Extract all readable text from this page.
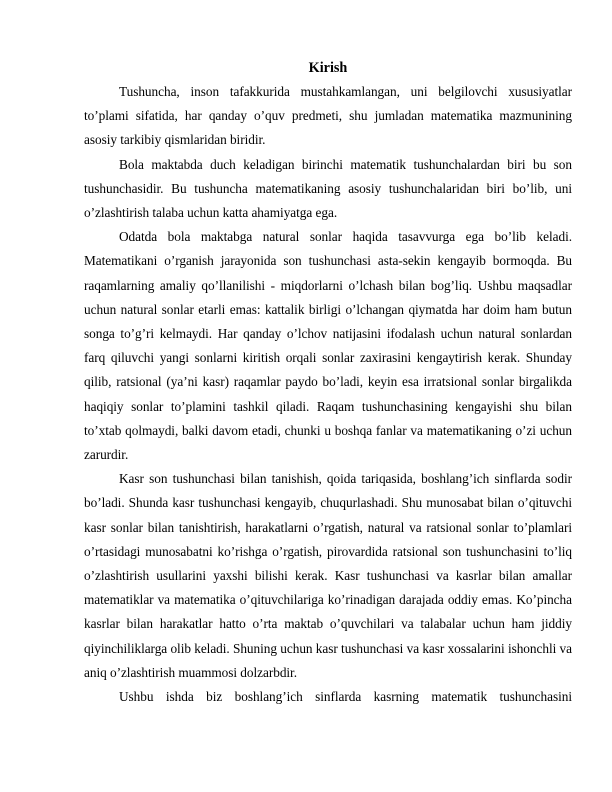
Kirish

Tushuncha, inson tafakkurida mustahkamlangan, uni belgilovchi xususiyatlar to’plami sifatida, har qanday o’quv predmeti, shu jumladan matematika mazmunining asosiy tarkibiy qismlaridan biridir.

Bola maktabda duch keladigan birinchi matematik tushunchalardan biri bu son tushunchasidir. Bu tushuncha matematikaning asosiy tushunchalaridan biri bo’lib, uni o’zlashtirish talaba uchun katta ahamiyatga ega.

Odatda bola maktabga natural sonlar haqida tasavvurga ega bo’lib keladi. Matematikani o’rganish jarayonida son tushunchasi asta-sekin kengayib bormoqda. Bu raqamlarning amaliy qo’llanilishi - miqdorlarni o’lchash bilan bog’liq. Ushbu maqsadlar uchun natural sonlar etarli emas: kattalik birligi o’lchangan qiymatda har doim ham butun songa to’g’ri kelmaydi. Har qanday o’lchov natijasini ifodalash uchun natural sonlardan farq qiluvchi yangi sonlarni kiritish orqali sonlar zaxirasini kengaytirish kerak. Shunday qilib, ratsional (ya’ni kasr) raqamlar paydo bo’ladi, keyin esa irratsional sonlar birgalikda haqiqiy sonlar to’plamini tashkil qiladi. Raqam tushunchasining kengayishi shu bilan to’xtab qolmaydi, balki davom etadi, chunki u boshqa fanlar va matematikaning o’zi uchun zarurdir.

Kasr son tushunchasi bilan tanishish, qoida tariqasida, boshlang’ich sinflarda sodir bo’ladi. Shunda kasr tushunchasi kengayib, chuqurlashadi. Shu munosabat bilan o’qituvchi kasr sonlar bilan tanishtirish, harakatlarni o’rgatish, natural va ratsional sonlar to’plamlari o’rtasidagi munosabatni ko’rishga o’rgatish, pirovardida ratsional son tushunchasini to’liq o’zlashtirish usullarini yaxshi bilishi kerak. Kasr tushunchasi va kasrlar bilan amallar matematiklar va matematika o’qituvchilariga ko’rinadigan darajada oddiy emas. Ko’pincha kasrlar bilan harakatlar hatto o’rta maktab o’quvchilari va talabalar uchun ham jiddiy qiyinchiliklarga olib keladi. Shuning uchun kasr tushunchasi va kasr xossalarini ishonchli va aniq o’zlashtirish muammosi dolzarbdir.

Ushbu ishda biz boshlang’ich sinflarda kasrning matematik tushunchasini
